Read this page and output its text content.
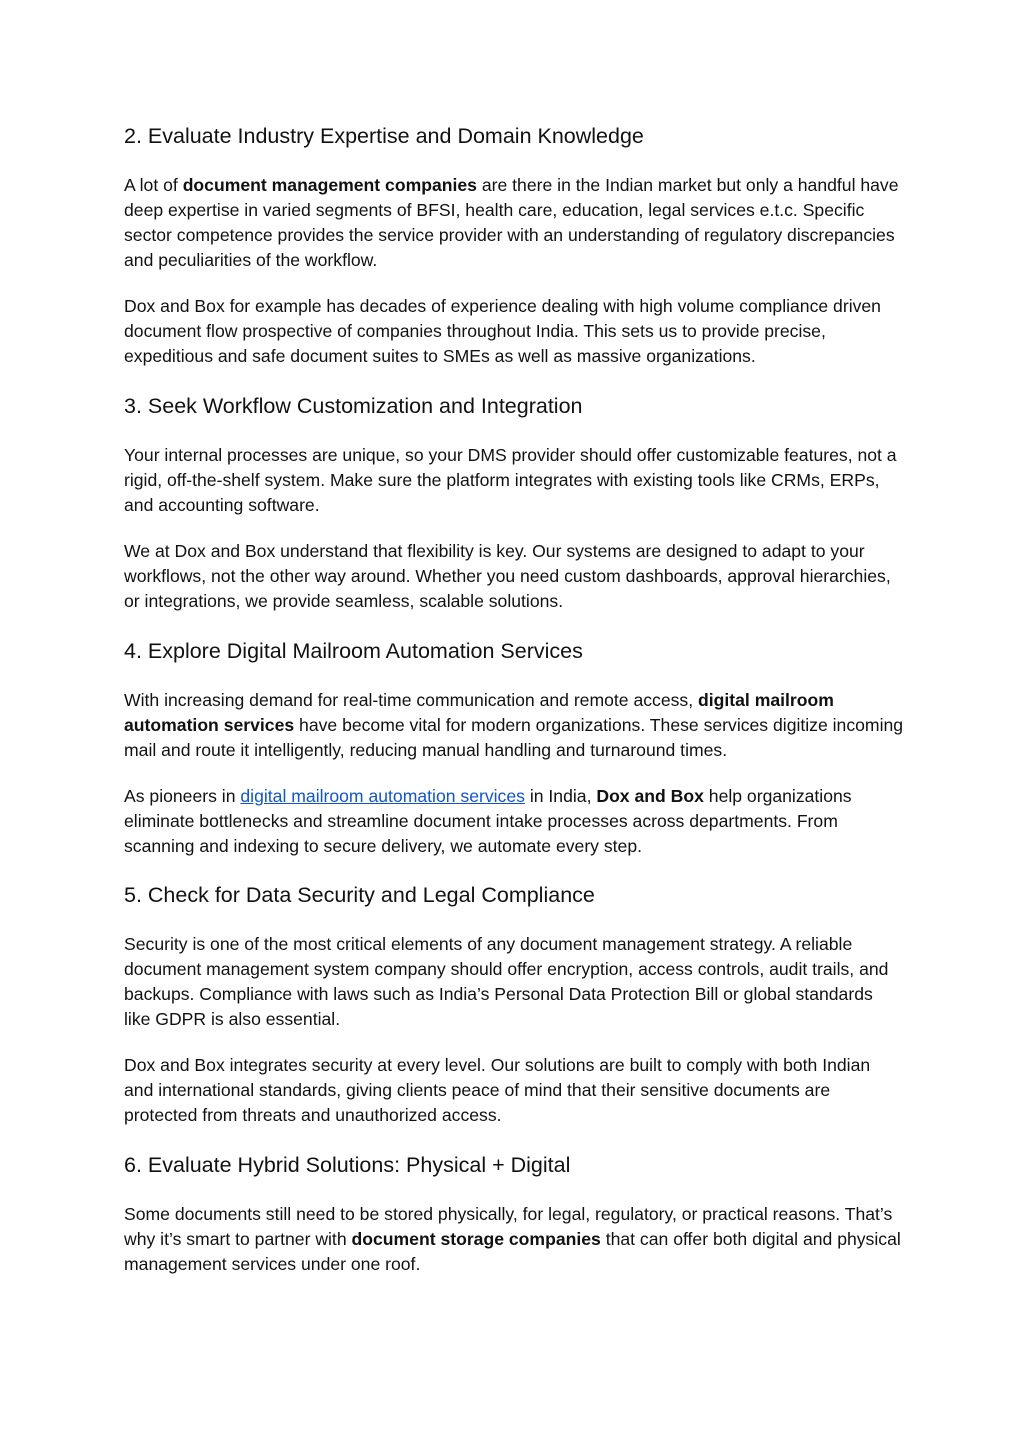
2. Evaluate Industry Expertise and Domain Knowledge

A lot of document management companies are there in the Indian market but only a handful have deep expertise in varied segments of BFSI, health care, education, legal services e.t.c. Specific sector competence provides the service provider with an understanding of regulatory discrepancies and peculiarities of the workflow.

Dox and Box for example has decades of experience dealing with high volume compliance driven document flow prospective of companies throughout India. This sets us to provide precise, expeditious and safe document suites to SMEs as well as massive organizations.

3. Seek Workflow Customization and Integration

Your internal processes are unique, so your DMS provider should offer customizable features, not a rigid, off-the-shelf system. Make sure the platform integrates with existing tools like CRMs, ERPs, and accounting software.

We at Dox and Box understand that flexibility is key. Our systems are designed to adapt to your workflows, not the other way around. Whether you need custom dashboards, approval hierarchies, or integrations, we provide seamless, scalable solutions.

4. Explore Digital Mailroom Automation Services

With increasing demand for real-time communication and remote access, digital mailroom automation services have become vital for modern organizations. These services digitize incoming mail and route it intelligently, reducing manual handling and turnaround times.

As pioneers in digital mailroom automation services in India, Dox and Box help organizations eliminate bottlenecks and streamline document intake processes across departments. From scanning and indexing to secure delivery, we automate every step.

5. Check for Data Security and Legal Compliance

Security is one of the most critical elements of any document management strategy. A reliable document management system company should offer encryption, access controls, audit trails, and backups. Compliance with laws such as India’s Personal Data Protection Bill or global standards like GDPR is also essential.

Dox and Box integrates security at every level. Our solutions are built to comply with both Indian and international standards, giving clients peace of mind that their sensitive documents are protected from threats and unauthorized access.

6. Evaluate Hybrid Solutions: Physical + Digital

Some documents still need to be stored physically, for legal, regulatory, or practical reasons. That’s why it’s smart to partner with document storage companies that can offer both digital and physical management services under one roof.
